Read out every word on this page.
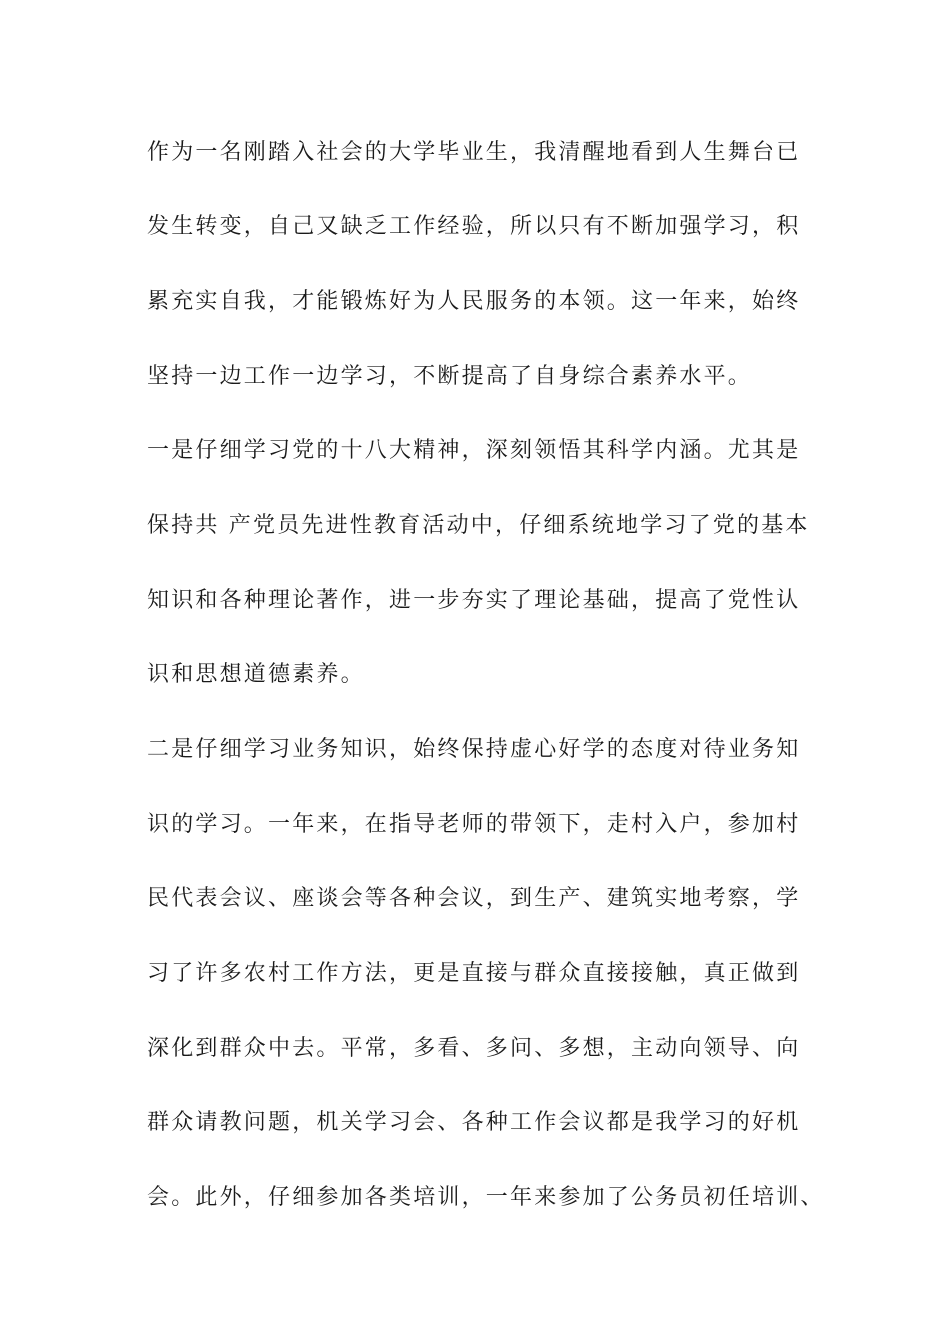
作为一名刚踏入社会的大学毕业生，我清醒地看到人生舞台已
发生转变，自己又缺乏工作经验，所以只有不断加强学习，积
累充实自我，才能锻炼好为人民服务的本领。这一年来，始终
坚持一边工作一边学习，不断提高了自身综合素养水平。
一是仔细学习党的十八大精神，深刻领悟其科学内涵。尤其是
保持共 产党员先进性教育活动中，仔细系统地学习了党的基本
知识和各种理论著作，进一步夯实了理论基础，提高了党性认
识和思想道德素养。
二是仔细学习业务知识，始终保持虚心好学的态度对待业务知
识的学习。一年来，在指导老师的带领下，走村入户，参加村
民代表会议、座谈会等各种会议，到生产、建筑实地考察，学
习了许多农村工作方法，更是直接与群众直接接触，真正做到
深化到群众中去。平常，多看、多问、多想，主动向领导、向
群众请教问题，机关学习会、各种工作会议都是我学习的好机
会。此外，仔细参加各类培训，一年来参加了公务员初任培训、
